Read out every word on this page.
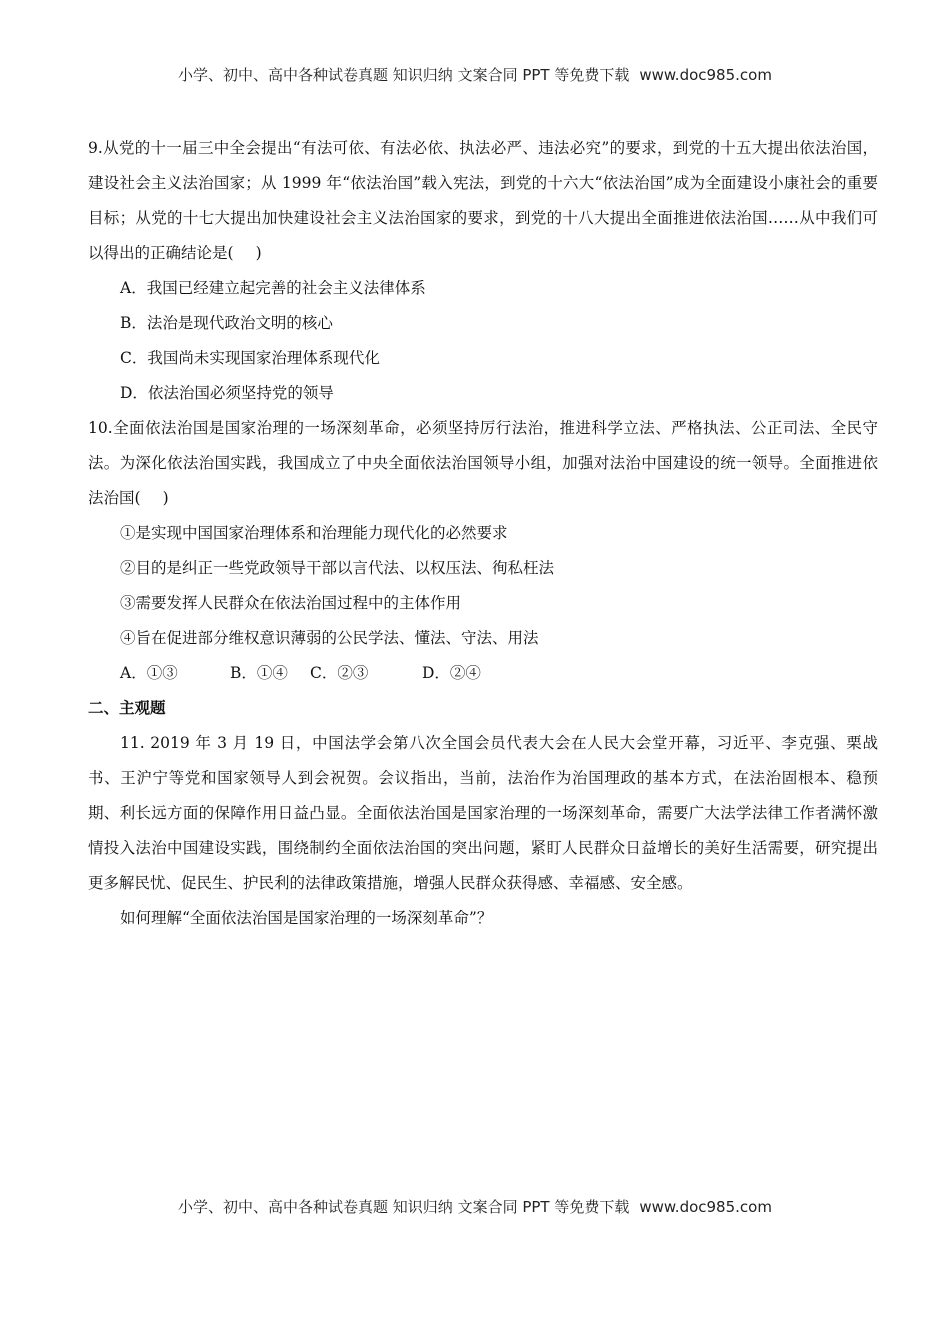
小学、初中、高中各种试卷真题 知识归纳 文案合同 PPT 等免费下载 www.doc985.com

9.从党的十一届三中全会提出“有法可依、有法必依、执法必严、违法必究”的要求，到党的十五大提出依法治国，建设社会主义法治国家；从 1999 年“依法治国”载入宪法，到党的十六大“依法治国”成为全面建设小康社会的重要目标；从党的十七大提出加快建设社会主义法治国家的要求，到党的十八大提出全面推进依法治国……从中我们可以得出的正确结论是( )

A．我国已经建立起完善的社会主义法律体系
B．法治是现代政治文明的核心
C．我国尚未实现国家治理体系现代化
D．依法治国必须坚持党的领导

10.全面依法治国是国家治理的一场深刻革命，必须坚持厉行法治，推进科学立法、严格执法、公正司法、全民守法。为深化依法治国实践，我国成立了中央全面依法治国领导小组，加强对法治中国建设的统一领导。全面推进依法治国( )

①是实现中国国家治理体系和治理能力现代化的必然要求
②目的是纠正一些党政领导干部以言代法、以权压法、徇私枉法
③需要发挥人民群众在依法治国过程中的主体作用
④旨在促进部分维权意识薄弱的公民学法、懂法、守法、用法
A．①③	B．①④ C．②③	D．②④

二、主观题

11. 2019 年 3 月 19 日，中国法学会第八次全国会员代表大会在人民大会堂开幕，习近平、李克强、栗战书、王沪宁等党和国家领导人到会祝贺。会议指出，当前，法治作为治国理政的基本方式，在法治固根本、稳预期、利长远方面的保障作用日益凸显。全面依法治国是国家治理的一场深刻革命，需要广大法学法律工作者满怀激情投入法治中国建设实践，围绕制约全面依法治国的突出问题，紧盯人民群众日益增长的美好生活需要，研究提出更多解民忧、促民生、护民利的法律政策措施，增强人民群众获得感、幸福感、安全感。

如何理解“全面依法治国是国家治理的一场深刻革命”？

小学、初中、高中各种试卷真题 知识归纳 文案合同 PPT 等免费下载 www.doc985.com
